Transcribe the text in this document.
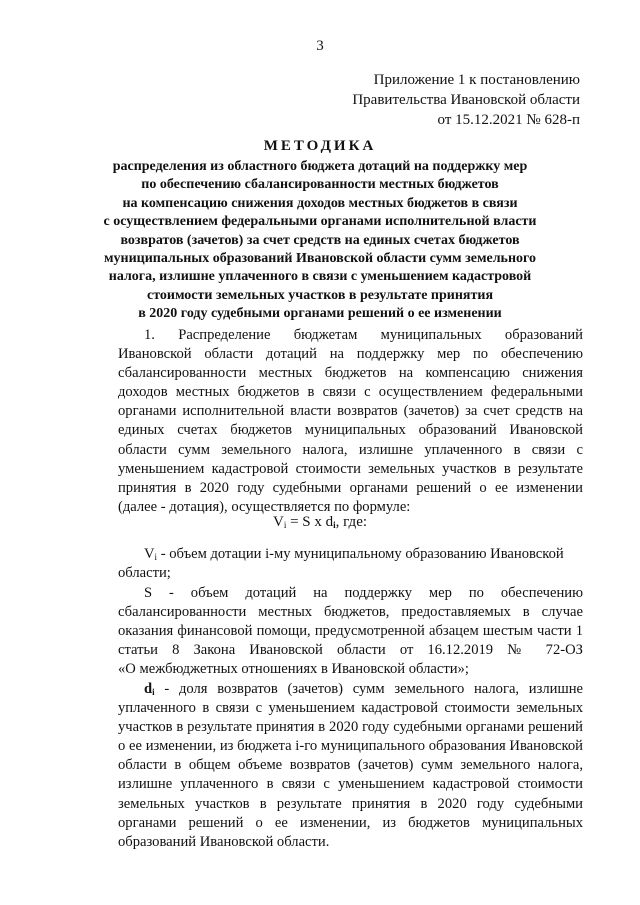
3
Приложение 1 к постановлению
Правительства Ивановской области
от 15.12.2021 № 628-п
МЕТОДИКА
распределения из областного бюджета дотаций на поддержку мер
по обеспечению сбалансированности местных бюджетов
на компенсацию снижения доходов местных бюджетов в связи
с осуществлением федеральными органами исполнительной власти
возвратов (зачетов) за счет средств на единых счетах бюджетов
муниципальных образований Ивановской области сумм земельного
налога, излишне уплаченного в связи с уменьшением кадастровой
стоимости земельных участков в результате принятия
в 2020 году судебными органами решений о ее изменении
1. Распределение бюджетам муниципальных образований
Ивановской области дотаций на поддержку мер по обеспечению
сбалансированности местных бюджетов на компенсацию снижения
доходов местных бюджетов в связи с осуществлением федеральными
органами исполнительной власти возвратов (зачетов) за счет средств на
единых счетах бюджетов муниципальных образований Ивановской
области сумм земельного налога, излишне уплаченного в связи с
уменьшением кадастровой стоимости земельных участков в результате
принятия в 2020 году судебными органами решений о ее изменении
(далее - дотация), осуществляется по формуле:
$V_i = S$ x $d_i$, где:
$V_i$ - объем дотации i-му муниципальному образованию Ивановской
области;
S - объем дотаций на поддержку мер по обеспечению
сбалансированности местных бюджетов, предоставляемых в случае
оказания финансовой помощи, предусмотренной абзацем шестым части 1
статьи 8 Закона Ивановской области от 16.12.2019 № 72-ОЗ
«О межбюджетных отношениях в Ивановской области»;
$d_i$ - доля возвратов (зачетов) сумм земельного налога, излишне
уплаченного в связи с уменьшением кадастровой стоимости земельных
участков в результате принятия в 2020 году судебными органами решений
о ее изменении, из бюджета i-го муниципального образования Ивановской
области в общем объеме возвратов (зачетов) сумм земельного налога,
излишне уплаченного в связи с уменьшением кадастровой стоимости
земельных участков в результате принятия в 2020 году судебными
органами решений о ее изменении, из бюджетов муниципальных
образований Ивановской области.
